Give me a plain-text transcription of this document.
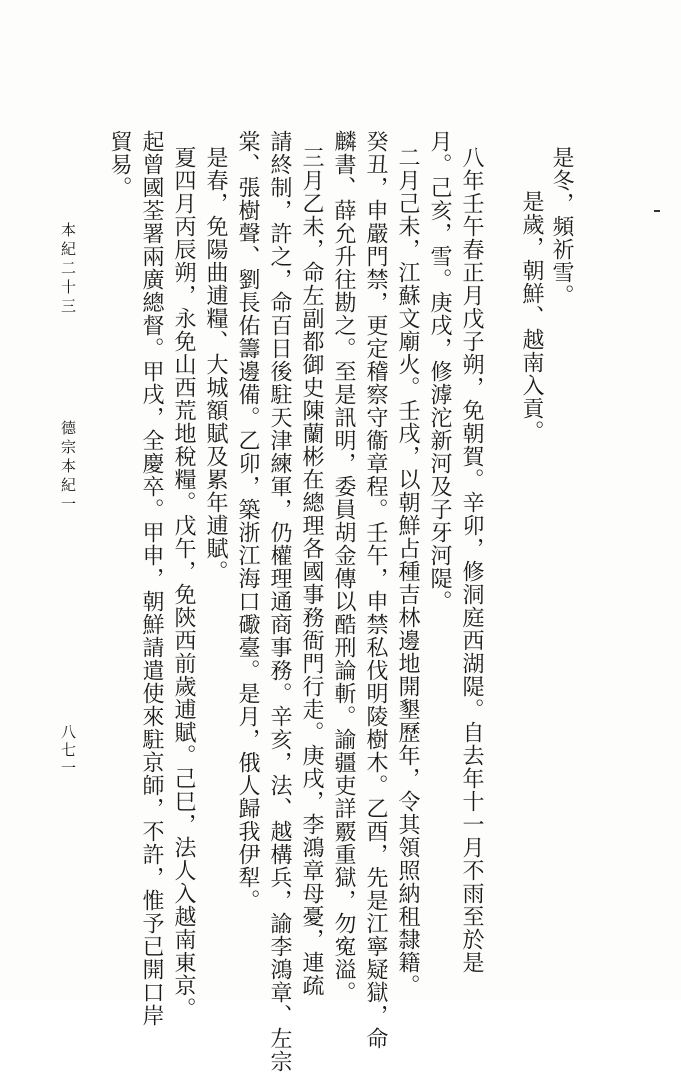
是冬，頻祈雪。
是歲，朝鮮、越南入貢。
八年壬午春正月戊子朔，免朝賀。辛卯，修洞庭西湖隄。自去年十一月不雨至於是
月。己亥，雪。庚戌，修滹沱新河及子牙河隄。
二月己未，江蘇文廟火。壬戌，以朝鮮占種吉林邊地開墾歷年，令其領照納租隸籍。
癸丑，申嚴門禁，更定稽察守衞章程。壬午，申禁私伐明陵樹木。乙酉，先是江寧疑獄，命
麟書、薛允升往勘之。至是訊明，委員胡金傳以酷刑論斬。諭疆吏詳覈重獄，勿寃溢。
三月乙未，命左副都御史陳蘭彬在總理各國事務衙門行走。庚戌，李鴻章母憂，連疏
請終制，許之，命百日後駐天津練軍，仍權理通商事務。辛亥，法、越構兵，諭李鴻章、左宗
棠、張樹聲、劉長佑籌邊備。乙卯，築浙江海口礮臺。是月，俄人歸我伊犁。
是春，免陽曲逋糧、大城額賦及累年逋賦。
夏四月丙辰朔，永免山西荒地稅糧。戊午，免陝西前歲逋賦。己巳，法人入越南東京。
起曾國荃署兩廣總督。甲戌，全慶卒。甲申，朝鮮請遣使來駐京師，不許，惟予已開口岸
貿易。
本紀二十三
德宗本紀一
八七一
